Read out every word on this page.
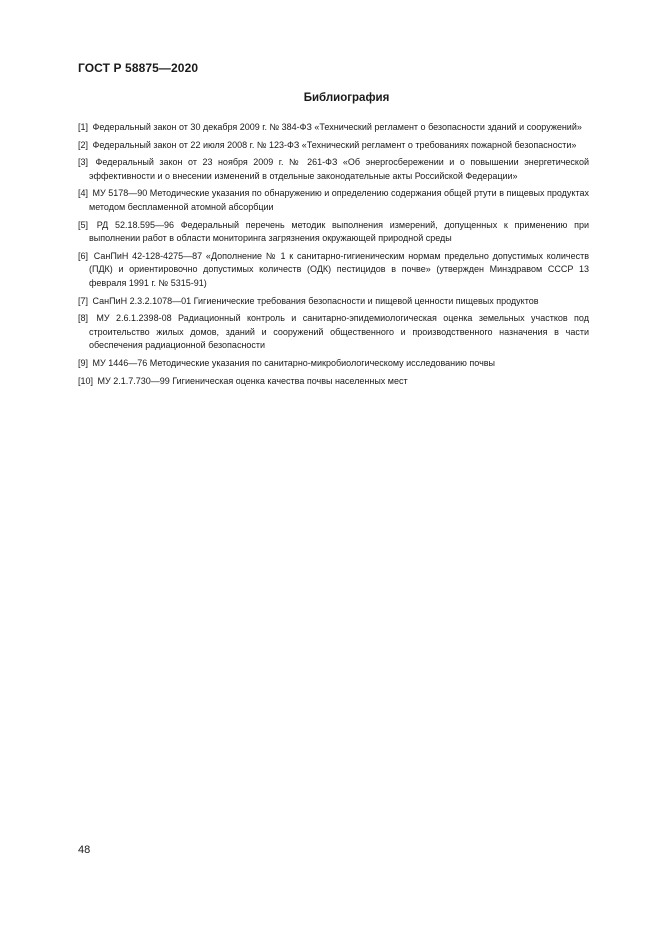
ГОСТ Р 58875—2020
Библиография
[1] Федеральный закон от 30 декабря 2009 г. № 384-ФЗ «Технический регламент о безопасности зданий и сооружений»
[2] Федеральный закон от 22 июля 2008 г. № 123-ФЗ «Технический регламент о требованиях пожарной безопасности»
[3] Федеральный закон от 23 ноября 2009 г. № 261-ФЗ «Об энергосбережении и о повышении энергетической эффективности и о внесении изменений в отдельные законодательные акты Российской Федерации»
[4] МУ 5178—90 Методические указания по обнаружению и определению содержания общей ртути в пищевых продуктах методом беспламенной атомной абсорбции
[5] РД 52.18.595—96 Федеральный перечень методик выполнения измерений, допущенных к применению при выполнении работ в области мониторинга загрязнения окружающей природной среды
[6] СанПиН 42-128-4275—87 «Дополнение № 1 к санитарно-гигиеническим нормам предельно допустимых количеств (ПДК) и ориентировочно допустимых количеств (ОДК) пестицидов в почве» (утвержден Минздравом СССР 13 февраля 1991 г. № 5315-91)
[7] СанПиН 2.3.2.1078—01 Гигиенические требования безопасности и пищевой ценности пищевых продуктов
[8] МУ 2.6.1.2398-08 Радиационный контроль и санитарно-эпидемиологическая оценка земельных участков под строительство жилых домов, зданий и сооружений общественного и производственного назначения в части обеспечения радиационной безопасности
[9] МУ 1446—76 Методические указания по санитарно-микробиологическому исследованию почвы
[10] МУ 2.1.7.730—99 Гигиеническая оценка качества почвы населенных мест
48
